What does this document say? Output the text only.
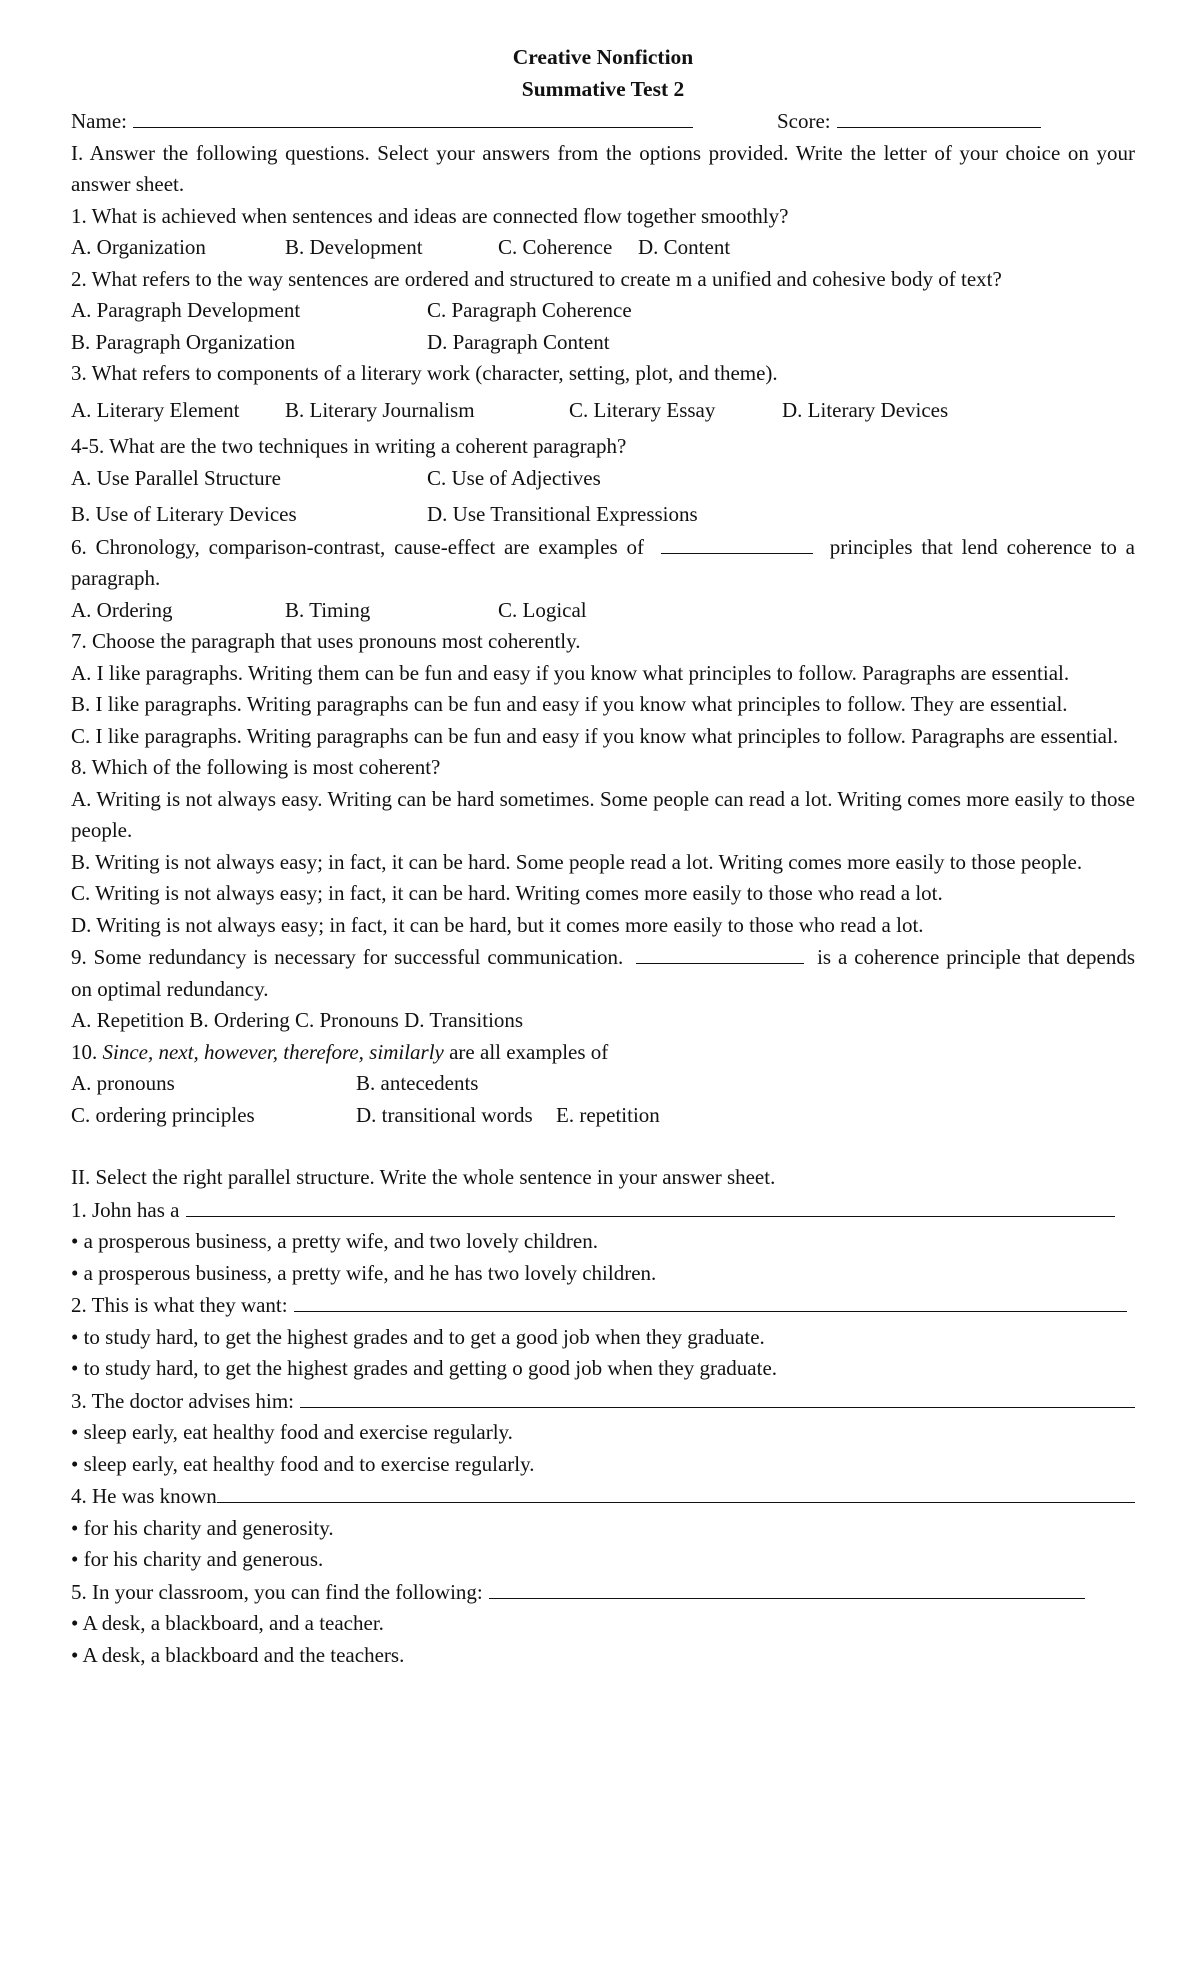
Creative Nonfiction
Summative Test 2
Name:	Score:
I. Answer the following questions. Select your answers from the options provided. Write the letter of your choice on your answer sheet.
1. What is achieved when sentences and ideas are connected flow together smoothly?
A. Organization	B. Development	C. Coherence	D. Content
2. What refers to the way sentences are ordered and structured to create m a unified and cohesive body of text?
A. Paragraph Development	C. Paragraph Coherence
B. Paragraph Organization	D. Paragraph Content
3. What refers to components of a literary work (character, setting, plot, and theme).
A. Literary Element	B. Literary Journalism	C. Literary Essay	D. Literary Devices
4-5. What are the two techniques in writing a coherent paragraph?
A. Use Parallel Structure	C. Use of Adjectives
B. Use of Literary Devices	D. Use Transitional Expressions
6. Chronology, comparison-contrast, cause-effect are examples of	principles that lend coherence to a paragraph.
A. Ordering	B. Timing	C. Logical
7. Choose the paragraph that uses pronouns most coherently.
A. I like paragraphs. Writing them can be fun and easy if you know what principles to follow. Paragraphs are essential.
B. I like paragraphs. Writing paragraphs can be fun and easy if you know what principles to follow. They are essential.
C. I like paragraphs. Writing paragraphs can be fun and easy if you know what principles to follow. Paragraphs are essential.
8. Which of the following is most coherent?
A. Writing is not always easy. Writing can be hard sometimes. Some people can read a lot. Writing comes more easily to those people.
B. Writing is not always easy; in fact, it can be hard. Some people read a lot. Writing comes more easily to those people.
C. Writing is not always easy; in fact, it can be hard. Writing comes more easily to those who read a lot.
D. Writing is not always easy; in fact, it can be hard, but it comes more easily to those who read a lot.
9. Some redundancy is necessary for successful communication.	is a coherence principle that depends on optimal redundancy.
A. Repetition B. Ordering C. Pronouns D. Transitions
10. Since, next, however, therefore, similarly are all examples of
A. pronouns	B. antecedents
C. ordering principles	D. transitional words	E. repetition
II. Select the right parallel structure. Write the whole sentence in your answer sheet.
1. John has a
• a prosperous business, a pretty wife, and two lovely children.
• a prosperous business, a pretty wife, and he has two lovely children.
2. This is what they want:
• to study hard, to get the highest grades and to get a good job when they graduate.
• to study hard, to get the highest grades and getting o good job when they graduate.
3. The doctor advises him:
• sleep early, eat healthy food and exercise regularly.
• sleep early, eat healthy food and to exercise regularly.
4. He was known
• for his charity and generosity.
• for his charity and generous.
5. In your classroom, you can find the following:
• A desk, a blackboard, and a teacher.
• A desk, a blackboard and the teachers.
